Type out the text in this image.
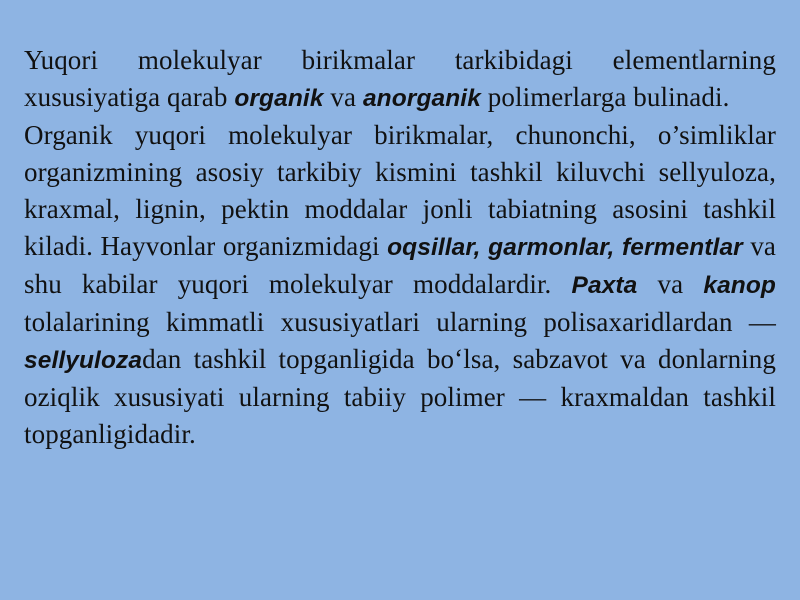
Yuqori molekulyar birikmalar tarkibidagi elementlarning xususiyatiga qarab organik va anorganik polimerlarga bulinadi.

Organik yuqori molekulyar birikmalar, chunonchi, o’simliklar organizmining asosiy tarkibiy kismini tashkil kiluvchi sellyuloza, kraxmal, lignin, pektin moddalar jonli tabiatning asosini tashkil kiladi. Hayvonlar organizmidagi oqsillar, garmonlar, fermentlar va shu kabilar yuqori molekulyar moddalardir. Paxta va kanop tolalarining kimmatli xususiyatlari ularning polisaxaridlardan — sellyulozadan tashkil topganligida bo‘lsa, sabzavot va donlarning oziqlik xususiyati ularning tabiiy polimer — kraxmaldan tashkil topganligidadir.
